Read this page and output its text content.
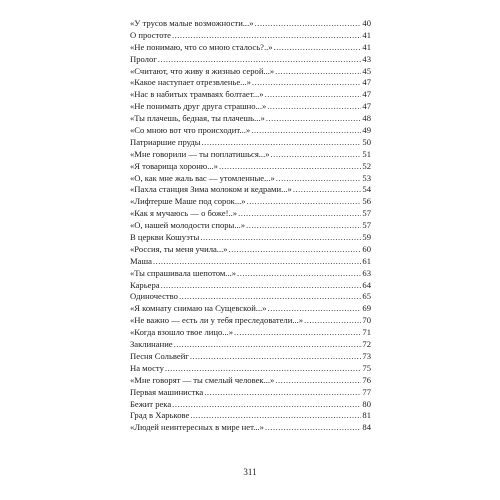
«У трусов малые возможности...» .....	40
О простоте .....	41
«Не понимаю, что со мною сталось?..» .....	41
Пролог .....	43
«Считают, что живу я жизнью серой...» .....	45
«Какое наступает отрезвленье...» .....	47
«Нас в набитых трамваях болтает...» .....	47
«Не понимать друг друга страшно...» .....	47
«Ты плачешь, бедная, ты плачешь...» .....	48
«Со мною вот что происходит...» .....	49
Патриаршие пруды .....	50
«Мне говорили — ты поплатишься...» .....	51
«Я товарища хороню...» .....	52
«О, как мне жаль вас — утомленные...» .....	53
«Пахла станция Зима молоком и кедрами...» .....	54
«Лифтерше Маше под сорок...» .....	56
«Как я мучаюсь — о боже!..» .....	57
«О, нашей молодости споры...» .....	57
В церкви Кошуэты .....	59
«Россия, ты меня учила...» .....	60
Маша .....	61
«Ты спрашивала шепотом...» .....	63
Карьера .....	64
Одиночество .....	65
«Я комнату снимаю на Сущевской...» .....	69
«Не важно — есть ли у тебя преследователи...» .....	70
«Когда взошло твое лицо...» .....	71
Заклинание .....	72
Песня Сольвейг .....	73
На мосту .....	75
«Мне говорят — ты смелый человек...» .....	76
Первая машинистка .....	77
Бежит река .....	80
Град в Харькове .....	81
«Людей неинтересных в мире нет...» .....	84
311
